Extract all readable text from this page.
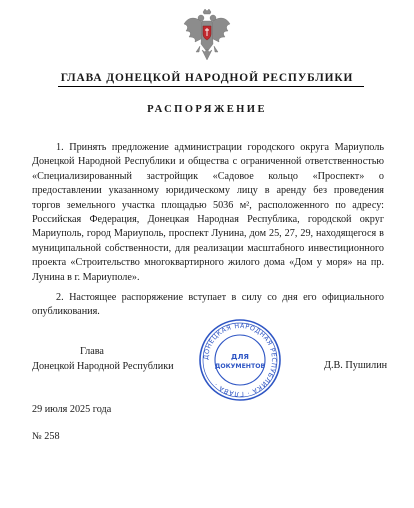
ГЛАВА ДОНЕЦКОЙ НАРОДНОЙ РЕСПУБЛИКИ
РАСПОРЯЖЕНИЕ

1. Принять предложение администрации городского округа Мариуполь Донецкой Народной Республики и общества с ограниченной ответственностью «Специализированный застройщик «Садовое кольцо «Проспект» о предоставлении указанному юридическому лицу в аренду без проведения торгов земельного участка площадью 5036 м², расположенного по адресу: Российская Федерация, Донецкая Народная Республика, городской округ Мариуполь, город Мариуполь, проспект Лунина, дом 25, 27, 29, находящегося в муниципальной собственности, для реализации масштабного инвестиционного проекта «Строительство многоквартирного жилого дома «Дом у моря» на пр. Лунина в г. Мариуполе».

2. Настоящее распоряжение вступает в силу со дня его официального опубликования.

Глава
Донецкой Народной Республики
ДОНЕЦКАЯ НАРОДНАЯ РЕСПУБЛИКА · ГЛАВА ·
ДЛЯ
ДОКУМЕНТОВ	Д.В. Пушилин
29 июля 2025 года
№ 258
